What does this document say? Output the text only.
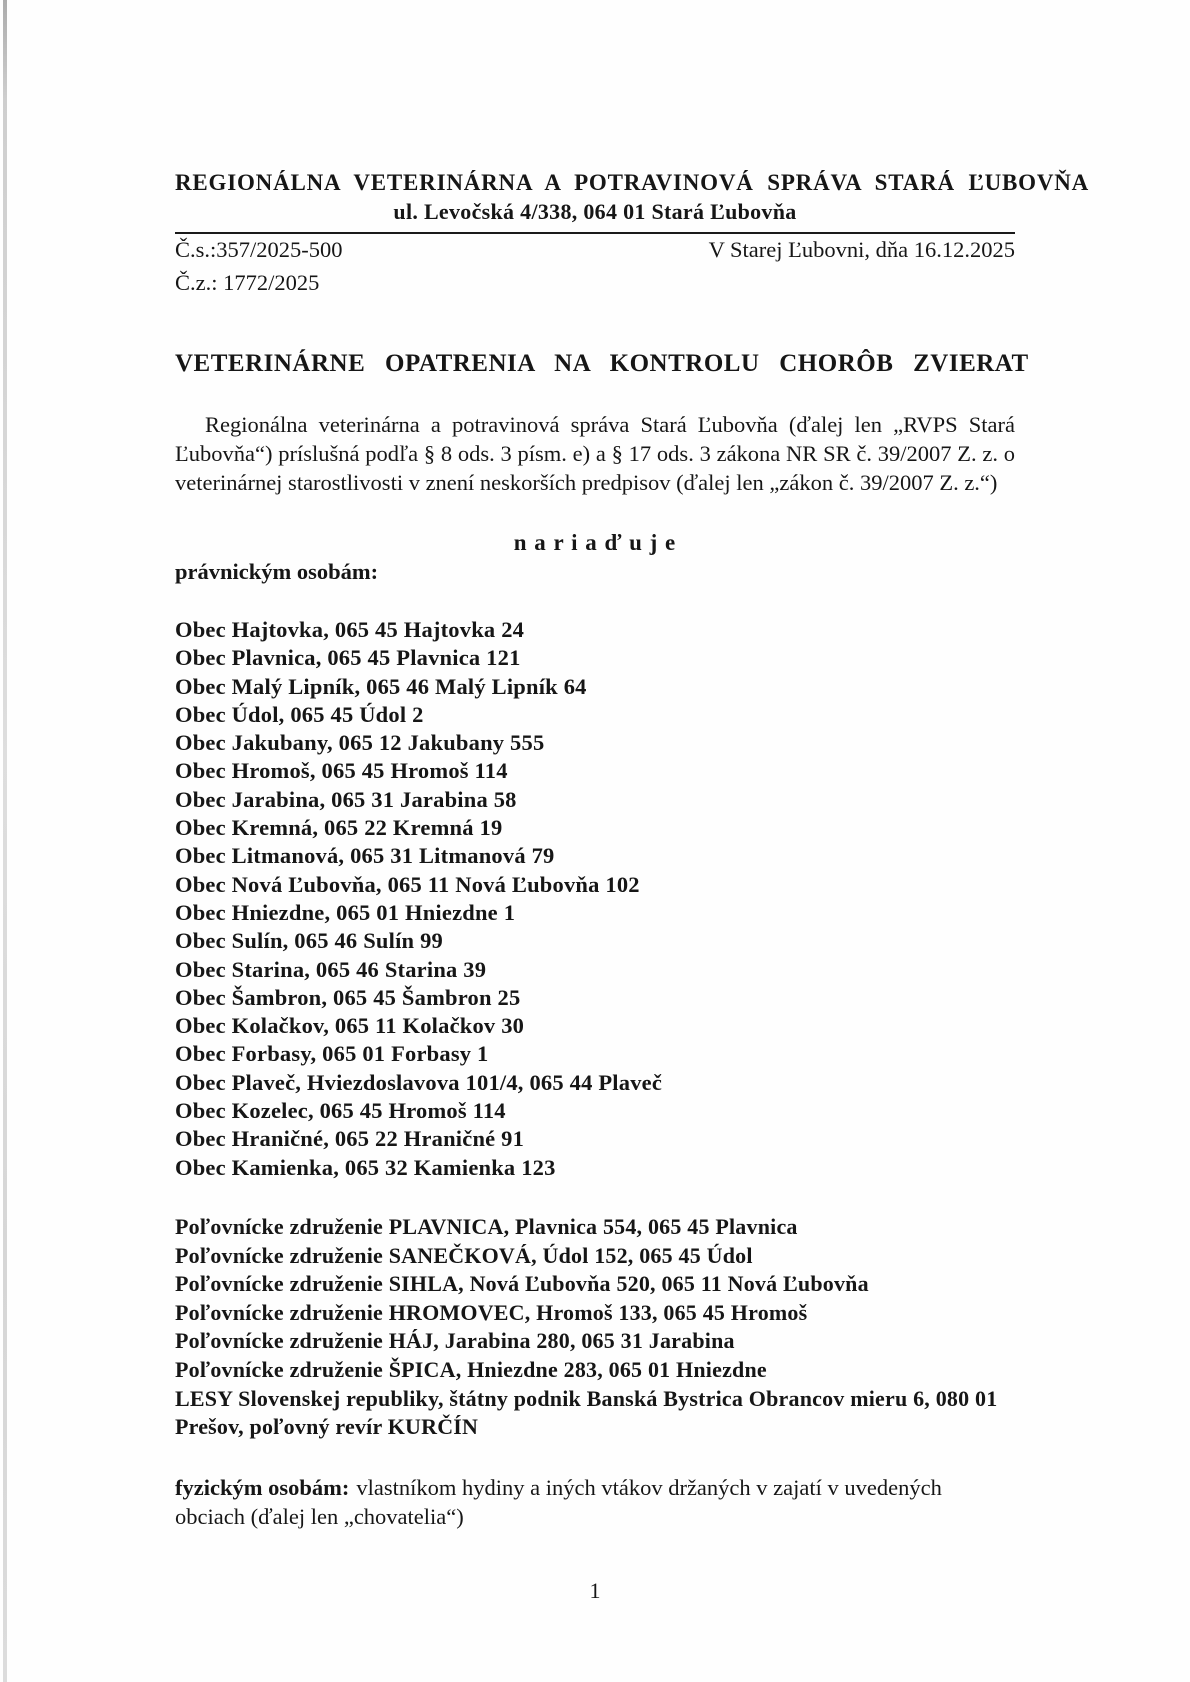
REGIONÁLNA VETERINÁRNA A POTRAVINOVÁ SPRÁVA STARÁ ĽUBOVŇA
ul. Levočská 4/338, 064 01 Stará Ľubovňa
Č.s.:357/2025-500	V Starej Ľubovni, dňa 16.12.2025
Č.z.: 1772/2025
VETERINÁRNE OPATRENIA NA KONTROLU CHORÔB ZVIERAT

Regionálna veterinárna a potravinová správa Stará Ľubovňa (ďalej len „RVPS Stará Ľubovňa“) príslušná podľa § 8 ods. 3 písm. e) a § 17 ods. 3 zákona NR SR č. 39/2007 Z. z. o veterinárnej starostlivosti v znení neskorších predpisov (ďalej len „zákon č. 39/2007 Z. z.“)

n a r i a ď u j e
právnickým osobám:
Obec Hajtovka, 065 45 Hajtovka 24
Obec Plavnica, 065 45 Plavnica 121
Obec Malý Lipník, 065 46 Malý Lipník 64
Obec Údol, 065 45 Údol 2
Obec Jakubany, 065 12 Jakubany 555
Obec Hromoš, 065 45 Hromoš 114
Obec Jarabina, 065 31 Jarabina 58
Obec Kremná, 065 22 Kremná 19
Obec Litmanová, 065 31 Litmanová 79
Obec Nová Ľubovňa, 065 11 Nová Ľubovňa 102
Obec Hniezdne, 065 01 Hniezdne 1
Obec Sulín, 065 46 Sulín 99
Obec Starina, 065 46 Starina 39
Obec Šambron, 065 45 Šambron 25
Obec Kolačkov, 065 11 Kolačkov 30
Obec Forbasy, 065 01 Forbasy 1
Obec Plaveč, Hviezdoslavova 101/4, 065 44 Plaveč
Obec Kozelec, 065 45 Hromoš 114
Obec Hraničné, 065 22 Hraničné 91
Obec Kamienka, 065 32 Kamienka 123
Poľovnícke združenie PLAVNICA, Plavnica 554, 065 45 Plavnica
Poľovnícke združenie SANEČKOVÁ, Údol 152, 065 45 Údol
Poľovnícke združenie SIHLA, Nová Ľubovňa 520, 065 11 Nová Ľubovňa
Poľovnícke združenie HROMOVEC, Hromoš 133, 065 45 Hromoš
Poľovnícke združenie HÁJ, Jarabina 280, 065 31 Jarabina
Poľovnícke združenie ŠPICA, Hniezdne 283, 065 01 Hniezdne
LESY Slovenskej republiky, štátny podnik Banská Bystrica Obrancov mieru 6, 080 01 Prešov, poľovný revír KURČÍN

fyzickým osobám: vlastníkom hydiny a iných vtákov držaných v zajatí v uvedených obciach (ďalej len „chovatelia“)

1
